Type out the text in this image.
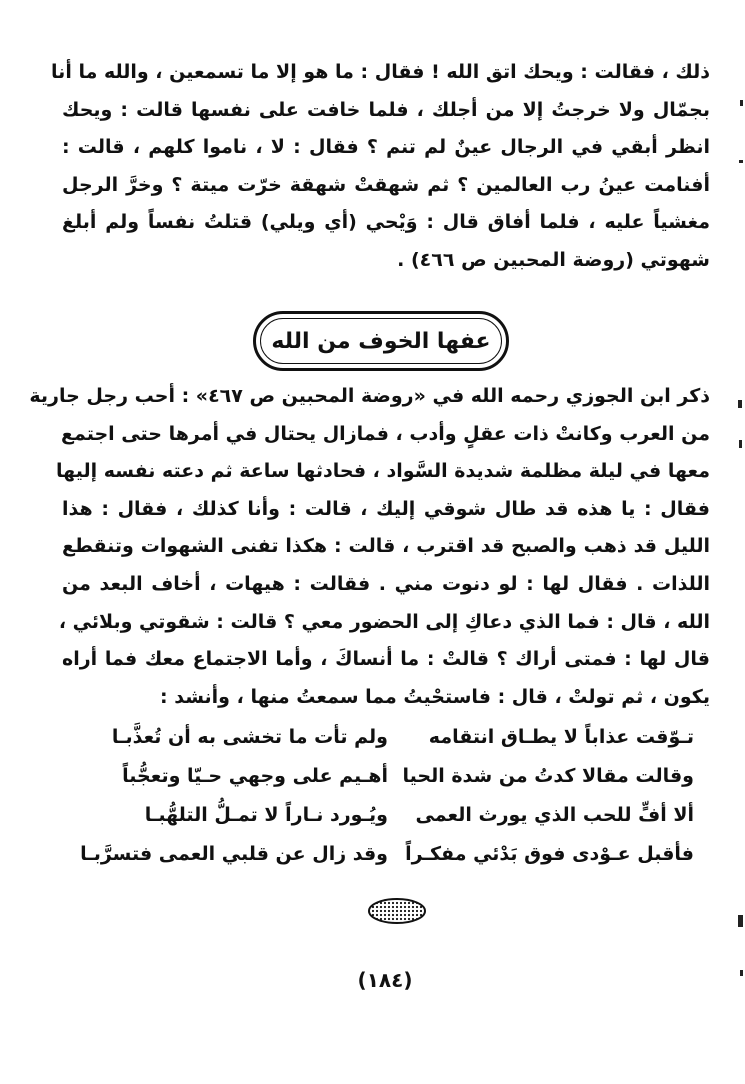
ذلك ، فقالت : ويحك اتق الله ! فقال : ما هو إلا ما تسمعين ، والله ما أنا
بجمّال ولا خرجتُ إلا من أجلك ، فلما خافت على نفسها قالت : ويحك
انظر أبقي في الرجال عينٌ لم تنم ؟ فقال : لا ، ناموا كلهم ، قالت :
أفنامت عينُ رب العالمين ؟ ثم شهقتْ شهقة خرّت ميتة ؟ وخرَّ الرجل
مغشياً عليه ، فلما أفاق قال : وَيْحي (أي ويلي) قتلتُ نفساً ولم أبلغ
شهوتي (روضة المحبين ص ٤٦٦) .
عفها الخوف من الله
ذكر ابن الجوزي رحمه الله في «روضة المحبين ص ٤٦٧» : أحب رجل جارية
من العرب وكانتْ ذات عقلٍ وأدب ، فمازال يحتال في أمرها حتى اجتمع
معها في ليلة مظلمة شديدة السَّواد ، فحادثها ساعة ثم دعته نفسه إليها
فقال : يا هذه قد طال شوقي إليك ، قالت : وأنا كذلك ، فقال : هذا
الليل قد ذهب والصبح قد اقترب ، قالت : هكذا تفنى الشهوات وتنقطع
اللذات . فقال لها : لو دنوت مني . فقالت : هيهات ، أخاف البعد من
الله ، قال : فما الذي دعاكِ إلى الحضور معي ؟ قالت : شقوتي وبلائي ،
قال لها : فمتى أراك ؟ قالتْ : ما أنساكَ ، وأما الاجتماع معك فما أراه
يكون ، ثم تولتْ ، قال : فاستحْيتُ مما سمعتُ منها ، وأنشد :
تـوّقت عذاباً لا يطـاق انتقامه
ولم تأت ما تخشى به أن تُعذَّبـا
وقالت مقالا كدتُ من شدة الحيا
أهـيم على وجهي حـيّا وتعجُّباً
ألا أفٍّ للحب الذي يورث العمى
ويُـورد نـاراً لا تمـلُّ التلهُّبـا
فأقبل عـوْدى فوق بَدْئي مفكـراً
وقد زال عن قلبي العمى فتسرَّبـا
(١٨٤)
